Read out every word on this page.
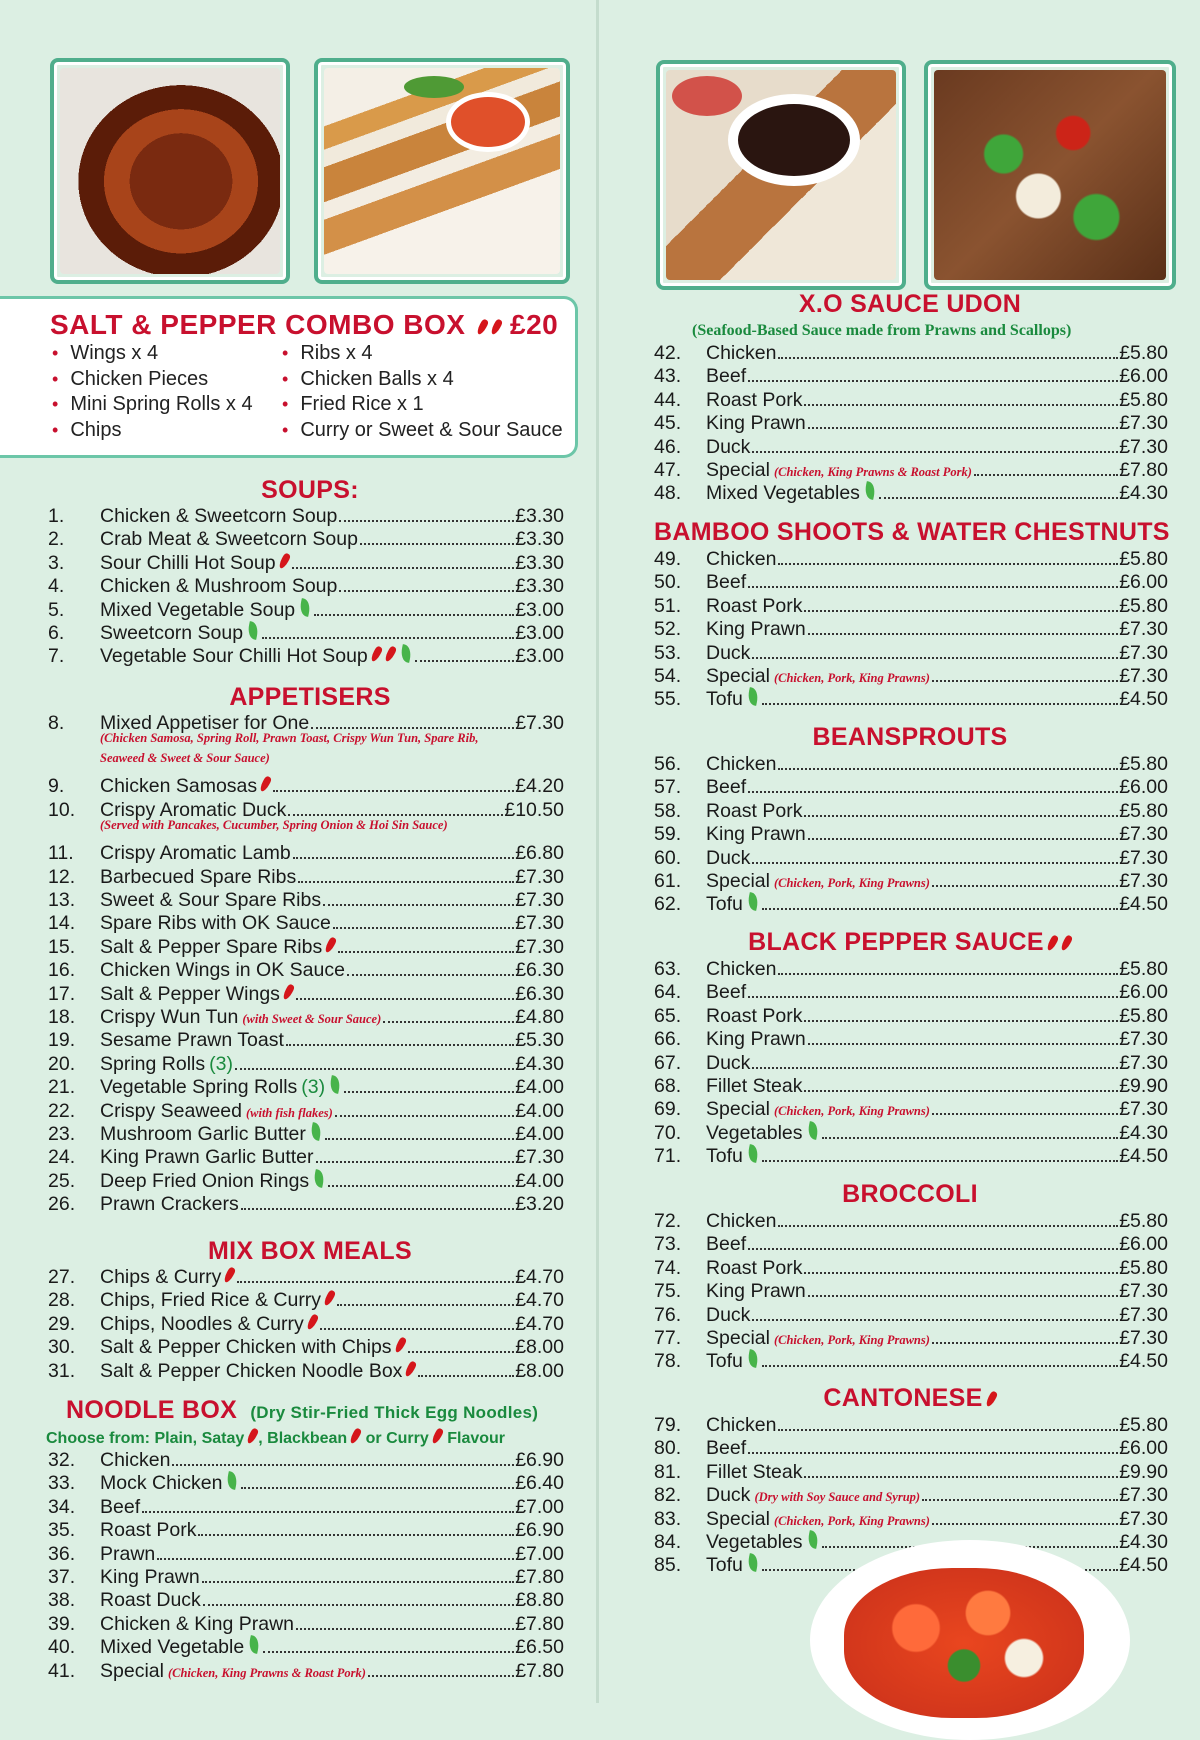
SALT & PEPPER COMBO BOX £20
• Wings x 4
• Chicken Pieces
• Mini Spring Rolls x 4
• Chips
• Ribs x 4
• Chicken Balls x 4
• Fried Rice x 1
• Curry or Sweet & Sour Sauce
SOUPS:
APPETISERS
MIX BOX MEALS
NOODLE BOX (Dry Stir-Fried Thick Egg Noodles)
Choose from: Plain, Satay , Blackbean or Curry Flavour
X.O SAUCE UDON
(Seafood-Based Sauce made from Prawns and Scallops)
BAMBOO SHOOTS & WATER CHESTNUTS
BEANSPROUTS
BLACK PEPPER SAUCE
BROCCOLI
CANTONESE
1.	Chicken & Sweetcorn Soup	£3.30
2.	Crab Meat & Sweetcorn Soup	£3.30
3.	Sour Chilli Hot Soup	£3.30
4.	Chicken & Mushroom Soup	£3.30
5.	Mixed Vegetable Soup	£3.00
6.	Sweetcorn Soup	£3.00
7.	Vegetable Sour Chilli Hot Soup	£3.00
8.	Mixed Appetiser for One	£7.30
(Chicken Samosa, Spring Roll, Prawn Toast, Crispy Wun Tun, Spare Rib,
Seaweed & Sweet & Sour Sauce)
9.	Chicken Samosas	£4.20
10.	Crispy Aromatic Duck	£10.50
(Served with Pancakes, Cucumber, Spring Onion & Hoi Sin Sauce)
11.	Crispy Aromatic Lamb	£6.80
12.	Barbecued Spare Ribs	£7.30
13.	Sweet & Sour Spare Ribs	£7.30
14.	Spare Ribs with OK Sauce	£7.30
15.	Salt & Pepper Spare Ribs	£7.30
16.	Chicken Wings in OK Sauce	£6.30
17.	Salt & Pepper Wings	£6.30
18.	Crispy Wun Tun (with Sweet & Sour Sauce)	£4.80
19.	Sesame Prawn Toast	£5.30
20.	Spring Rolls (3)	£4.30
21.	Vegetable Spring Rolls (3)	£4.00
22.	Crispy Seaweed (with fish flakes)	£4.00
23.	Mushroom Garlic Butter	£4.00
24.	King Prawn Garlic Butter	£7.30
25.	Deep Fried Onion Rings	£4.00
26.	Prawn Crackers	£3.20
27.	Chips & Curry	£4.70
28.	Chips, Fried Rice & Curry	£4.70
29.	Chips, Noodles & Curry	£4.70
30.	Salt & Pepper Chicken with Chips	£8.00
31.	Salt & Pepper Chicken Noodle Box	£8.00
32.	Chicken	£6.90
33.	Mock Chicken	£6.40
34.	Beef	£7.00
35.	Roast Pork	£6.90
36.	Prawn	£7.00
37.	King Prawn	£7.80
38.	Roast Duck	£8.80
39.	Chicken & King Prawn	£7.80
40.	Mixed Vegetable	£6.50
41.	Special (Chicken, King Prawns & Roast Pork)	£7.80
42.	Chicken	£5.80
43.	Beef	£6.00
44.	Roast Pork	£5.80
45.	King Prawn	£7.30
46.	Duck	£7.30
47.	Special (Chicken, King Prawns & Roast Pork)	£7.80
48.	Mixed Vegetables	£4.30
49.	Chicken	£5.80
50.	Beef	£6.00
51.	Roast Pork	£5.80
52.	King Prawn	£7.30
53.	Duck	£7.30
54.	Special (Chicken, Pork, King Prawns)	£7.30
55.	Tofu	£4.50
56.	Chicken	£5.80
57.	Beef	£6.00
58.	Roast Pork	£5.80
59.	King Prawn	£7.30
60.	Duck	£7.30
61.	Special (Chicken, Pork, King Prawns)	£7.30
62.	Tofu	£4.50
63.	Chicken	£5.80
64.	Beef	£6.00
65.	Roast Pork	£5.80
66.	King Prawn	£7.30
67.	Duck	£7.30
68.	Fillet Steak	£9.90
69.	Special (Chicken, Pork, King Prawns)	£7.30
70.	Vegetables	£4.30
71.	Tofu	£4.50
72.	Chicken	£5.80
73.	Beef	£6.00
74.	Roast Pork	£5.80
75.	King Prawn	£7.30
76.	Duck	£7.30
77.	Special (Chicken, Pork, King Prawns)	£7.30
78.	Tofu	£4.50
79.	Chicken	£5.80
80.	Beef	£6.00
81.	Fillet Steak	£9.90
82.	Duck (Dry with Soy Sauce and Syrup)	£7.30
83.	Special (Chicken, Pork, King Prawns)	£7.30
84.	Vegetables	£4.30
85.	Tofu	£4.50
